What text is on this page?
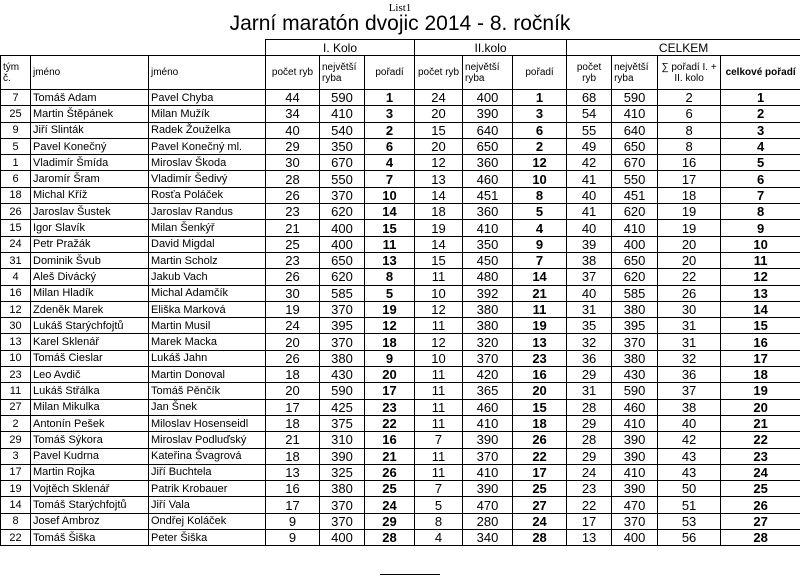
List1
Jarní maratón dvojic 2014 - 8. ročník
			I. Kolo			II.kolo			CELKEM			
tým č.	jméno	jméno	počet ryb	největší ryba	pořadí	počet ryb	největší ryba	pořadí	počet ryb	největší ryba	∑ pořadí I. + II. kolo	celkové pořadí
7	Tomáš Adam	Pavel Chyba	44	590	1	24	400	1	68	590	2	1
25	Martin Štěpánek	Milan Mužík	34	410	3	20	390	3	54	410	6	2
9	Jiří Slinták	Radek Žouželka	40	540	2	15	640	6	55	640	8	3
5	Pavel Konečný	Pavel Konečný ml.	29	350	6	20	650	2	49	650	8	4
1	Vladimír Šmída	Miroslav Škoda	30	670	4	12	360	12	42	670	16	5
6	Jaromír Šram	Vladimír Šedivý	28	550	7	13	460	10	41	550	17	6
18	Michal Kříž	Rosťa Poláček	26	370	10	14	451	8	40	451	18	7
26	Jaroslav Šustek	Jaroslav Randus	23	620	14	18	360	5	41	620	19	8
15	Igor Slavík	Milan Šenkýř	21	400	15	19	410	4	40	410	19	9
24	Petr Pražák	David Migdal	25	400	11	14	350	9	39	400	20	10
31	Dominik Švub	Martin Scholz	23	650	13	15	450	7	38	650	20	11
4	Aleš Divácký	Jakub Vach	26	620	8	11	480	14	37	620	22	12
16	Milan Hladík	Michal Adamčík	30	585	5	10	392	21	40	585	26	13
12	Zdeněk Marek	Eliška Marková	19	370	19	12	380	11	31	380	30	14
30	Lukáš Starýchfojtů	Martin Musil	24	395	12	11	380	19	35	395	31	15
13	Karel Sklenář	Marek Macka	20	370	18	12	320	13	32	370	31	16
10	Tomáš Cieslar	Lukáš Jahn	26	380	9	10	370	23	36	380	32	17
23	Leo Avdič	Martin Donoval	18	430	20	11	420	16	29	430	36	18
11	Lukáš Střálka	Tomáš Pěnčík	20	590	17	11	365	20	31	590	37	19
27	Milan Mikulka	Jan Šnek	17	425	23	11	460	15	28	460	38	20
2	Antonín Pešek	Miloslav Hosenseidl	18	375	22	11	410	18	29	410	40	21
29	Tomáš Sýkora	Miroslav Podluďský	21	310	16	7	390	26	28	390	42	22
3	Pavel Kudrna	Kateřina Švagrová	18	390	21	11	370	22	29	390	43	23
17	Martin Rojka	Jiří Buchtela	13	325	26	11	410	17	24	410	43	24
19	Vojtěch Sklenář	Patrik Krobauer	16	380	25	7	390	25	23	390	50	25
14	Tomáš Starýchfojtů	Jiří Vala	17	370	24	5	470	27	22	470	51	26
8	Josef Ambroz	Ondřej Koláček	9	370	29	8	280	24	17	370	53	27
22	Tomáš Šiška	Peter Šiška	9	400	28	4	340	28	13	400	56	28
